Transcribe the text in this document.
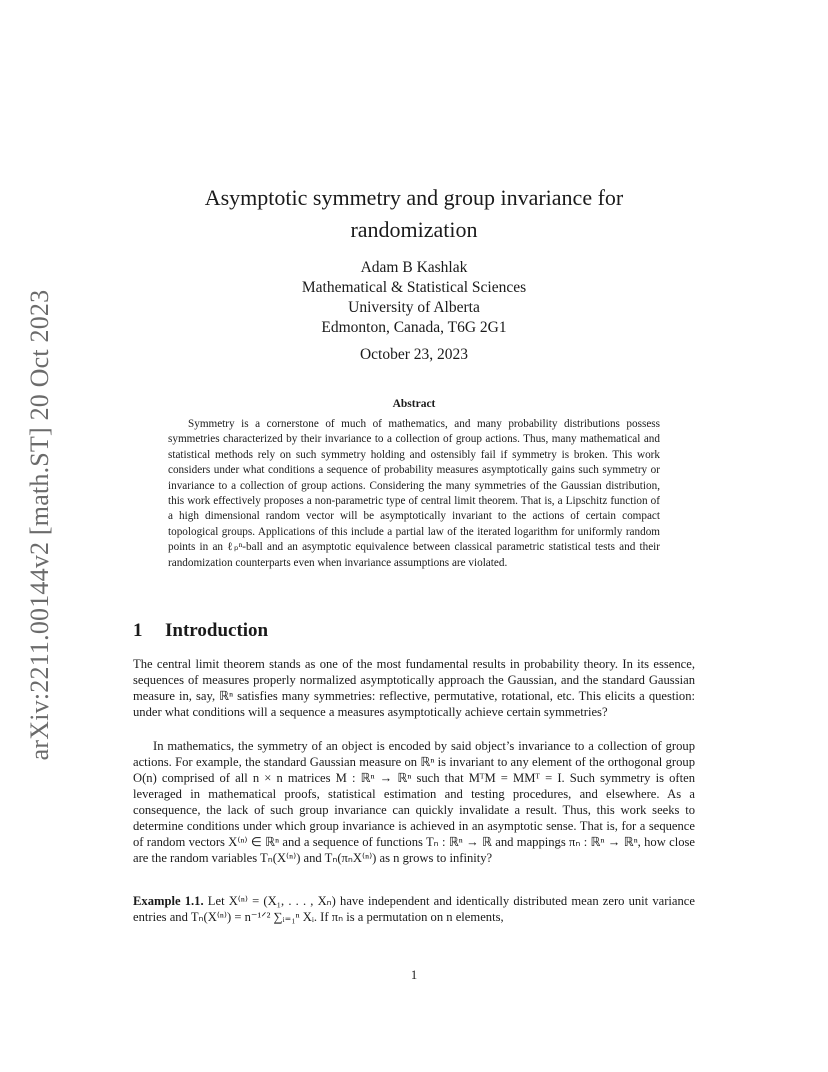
arXiv:2211.00144v2 [math.ST] 20 Oct 2023
Asymptotic symmetry and group invariance for randomization
Adam B Kashlak
Mathematical & Statistical Sciences
University of Alberta
Edmonton, Canada, T6G 2G1
October 23, 2023
Abstract
Symmetry is a cornerstone of much of mathematics, and many probability distributions possess symmetries characterized by their invariance to a collection of group actions. Thus, many mathematical and statistical methods rely on such symmetry holding and ostensibly fail if symmetry is broken. This work considers under what conditions a sequence of probability measures asymptotically gains such symmetry or invariance to a collection of group actions. Considering the many symmetries of the Gaussian distribution, this work effectively proposes a non-parametric type of central limit theorem. That is, a Lipschitz function of a high dimensional random vector will be asymptotically invariant to the actions of certain compact topological groups. Applications of this include a partial law of the iterated logarithm for uniformly random points in an ℓₚⁿ-ball and an asymptotic equivalence between classical parametric statistical tests and their randomization counterparts even when invariance assumptions are violated.
1 Introduction
The central limit theorem stands as one of the most fundamental results in probability theory. In its essence, sequences of measures properly normalized asymptotically approach the Gaussian, and the standard Gaussian measure in, say, ℝⁿ satisfies many symmetries: reflective, permutative, rotational, etc. This elicits a question: under what conditions will a sequence a measures asymptotically achieve certain symmetries?
In mathematics, the symmetry of an object is encoded by said object’s invariance to a collection of group actions. For example, the standard Gaussian measure on ℝⁿ is invariant to any element of the orthogonal group O(n) comprised of all n × n matrices M : ℝⁿ → ℝⁿ such that MᵀM = MMᵀ = I. Such symmetry is often leveraged in mathematical proofs, statistical estimation and testing procedures, and elsewhere. As a consequence, the lack of such group invariance can quickly invalidate a result. Thus, this work seeks to determine conditions under which group invariance is achieved in an asymptotic sense. That is, for a sequence of random vectors X⁽ⁿ⁾ ∈ ℝⁿ and a sequence of functions Tₙ : ℝⁿ → ℝ and mappings πₙ : ℝⁿ → ℝⁿ, how close are the random variables Tₙ(X⁽ⁿ⁾) and Tₙ(πₙX⁽ⁿ⁾) as n grows to infinity?
Example 1.1. Let X⁽ⁿ⁾ = (X₁, . . . , Xₙ) have independent and identically distributed mean zero unit variance entries and Tₙ(X⁽ⁿ⁾) = n⁻¹ᐟ² ∑ᵢ₌₁ⁿ Xᵢ. If πₙ is a permutation on n elements,
1
